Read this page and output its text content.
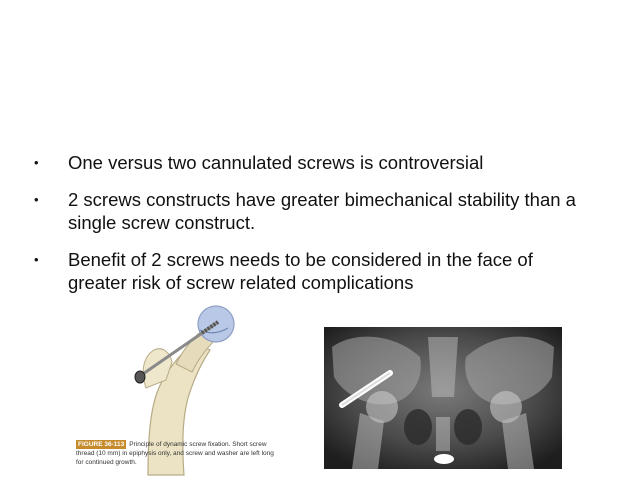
• One versus two cannulated screws is controversial
• 2 screws constructs have greater bimechanical stability than a single screw construct.
• Benefit of 2 screws needs to be considered in the face of greater risk of screw related complications
FIGURE 36-113 Principle of dynamic screw fixation. Short screw thread (10 mm) in epiphysis only, and screw and washer are left long for continued growth.
